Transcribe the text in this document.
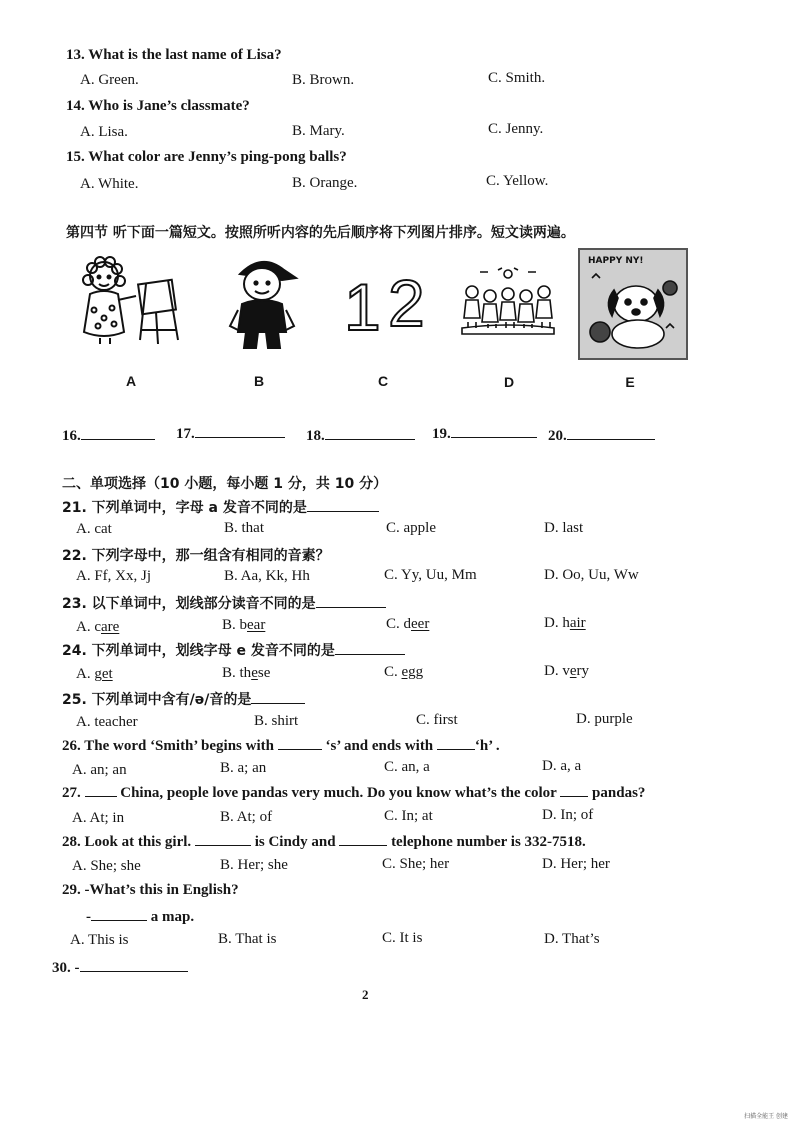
13. What is the last name of Lisa?
A. Green.	B. Brown.	C. Smith.
14. Who is Jane’s classmate?
A. Lisa.	B. Mary.	C. Jenny.
15. What color are Jenny’s ping-pong balls?
A. White.	B. Orange.	C. Yellow.
第四节 听下面一篇短文。按照所听内容的先后顺序将下列图片排序。短文读两遍。
1 2
HAPPY NY!
A	B	C	D	E
16.	17.	18.	19.	20.
二、单项选择（10 小题，每小题 1 分，共 10 分）
21. 下列单词中，字母 a 发音不同的是
A. cat	B. that	C. apple	D. last
22. 下列字母中，那一组含有相同的音素？
A. Ff, Xx, Jj	B. Aa, Kk, Hh	C. Yy, Uu, Mm	D. Oo, Uu, Ww
23. 以下单词中，划线部分读音不同的是
A. care	B. bear	C. deer	D. hair
24. 下列单词中，划线字母 e 发音不同的是
A. get	B. these	C. egg	D. very
25. 下列单词中含有/ə/音的是
A. teacher	B. shirt	C. first	D. purple
26. The word ‘Smith’ begins with	‘s’ and ends with	‘h’ .
A. an; an	B. a; an	C. an, a	D. a, a
27.	China, people love pandas very much. Do you know what’s the color pandas?
A. At; in	B. At; of	C. In; at	D. In; of
28. Look at this girl.	is Cindy and	telephone number is 332-7518.
A. She; she	B. Her; she	C. She; her	D. Her; her
29. -What’s this in English?
-	a map.
A. This is	B. That is	C. It is	D. That’s
30. -
2
扫描全能王 创建
